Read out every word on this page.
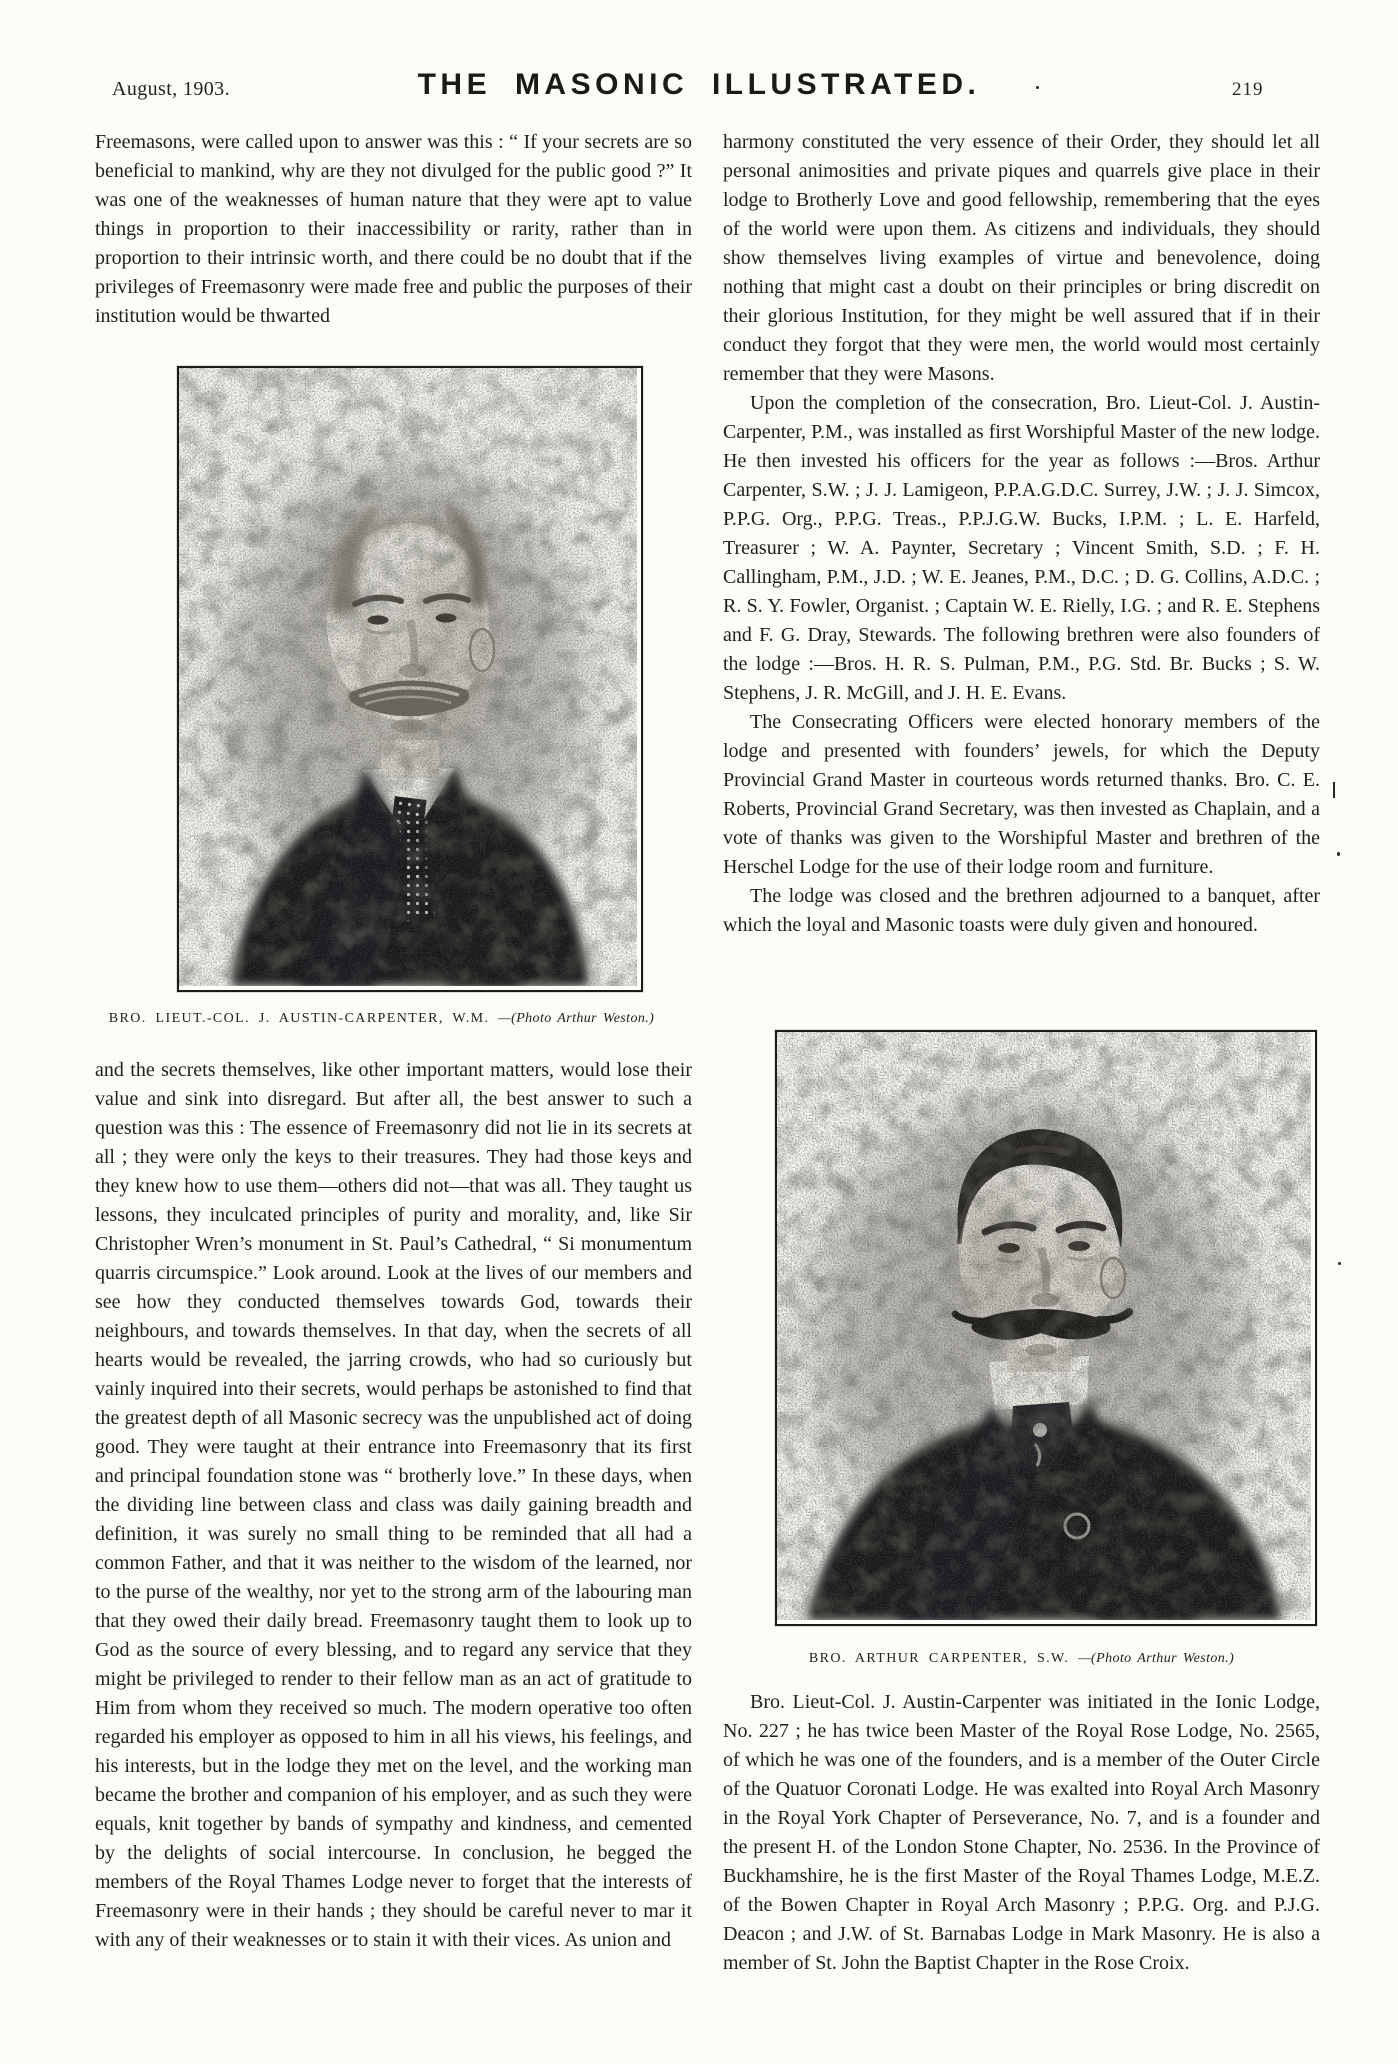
August, 1903.	THE MASONIC ILLUSTRATED.	219

Freemasons, were called upon to answer was this : “ If your secrets are so beneficial to mankind, why are they not divulged for the public good ?” It was one of the weaknesses of human nature that they were apt to value things in proportion to their inaccessibility or rarity, rather than in proportion to their intrinsic worth, and there could be no doubt that if the privileges of Freemasonry were made free and public the purposes of their institution would be thwarted

BRO. LIEUT.-COL. J. AUSTIN-CARPENTER, W.M. —(Photo Arthur Weston.)

and the secrets themselves, like other important matters, would lose their value and sink into disregard. But after all, the best answer to such a question was this : The essence of Freemasonry did not lie in its secrets at all ; they were only the keys to their treasures. They had those keys and they knew how to use them—others did not—that was all. They taught us lessons, they inculcated principles of purity and morality, and, like Sir Christopher Wren’s monument in St. Paul’s Cathedral, “ Si monumentum quarris circumspice.” Look around. Look at the lives of our members and see how they conducted themselves towards God, towards their neighbours, and towards themselves. In that day, when the secrets of all hearts would be revealed, the jarring crowds, who had so curiously but vainly inquired into their secrets, would perhaps be astonished to find that the greatest depth of all Masonic secrecy was the unpublished act of doing good. They were taught at their entrance into Freemasonry that its first and principal foundation stone was “ brotherly love.” In these days, when the dividing line between class and class was daily gaining breadth and definition, it was surely no small thing to be reminded that all had a common Father, and that it was neither to the wisdom of the learned, nor to the purse of the wealthy, nor yet to the strong arm of the labouring man that they owed their daily bread. Freemasonry taught them to look up to God as the source of every blessing, and to regard any service that they might be privileged to render to their fellow man as an act of gratitude to Him from whom they received so much. The modern operative too often regarded his employer as opposed to him in all his views, his feelings, and his interests, but in the lodge they met on the level, and the working man became the brother and companion of his employer, and as such they were equals, knit together by bands of sympathy and kindness, and cemented by the delights of social intercourse. In conclusion, he begged the members of the Royal Thames Lodge never to forget that the interests of Freemasonry were in their hands ; they should be careful never to mar it with any of their weaknesses or to stain it with their vices. As union and

harmony constituted the very essence of their Order, they should let all personal animosities and private piques and quarrels give place in their lodge to Brotherly Love and good fellowship, remembering that the eyes of the world were upon them. As citizens and individuals, they should show themselves living examples of virtue and benevolence, doing nothing that might cast a doubt on their principles or bring discredit on their glorious Institution, for they might be well assured that if in their conduct they forgot that they were men, the world would most certainly remember that they were Masons.

Upon the completion of the consecration, Bro. Lieut-Col. J. Austin-Carpenter, P.M., was installed as first Worshipful Master of the new lodge. He then invested his officers for the year as follows :—Bros. Arthur Carpenter, S.W. ; J. J. Lamigeon, P.P.A.G.D.C. Surrey, J.W. ; J. J. Simcox, P.P.G. Org., P.P.G. Treas., P.P.J.G.W. Bucks, I.P.M. ; L. E. Harfeld, Treasurer ; W. A. Paynter, Secretary ; Vincent Smith, S.D. ; F. H. Callingham, P.M., J.D. ; W. E. Jeanes, P.M., D.C. ; D. G. Collins, A.D.C. ; R. S. Y. Fowler, Organist. ; Captain W. E. Rielly, I.G. ; and R. E. Stephens and F. G. Dray, Stewards. The following brethren were also founders of the lodge :—Bros. H. R. S. Pulman, P.M., P.G. Std. Br. Bucks ; S. W. Stephens, J. R. McGill, and J. H. E. Evans.

The Consecrating Officers were elected honorary members of the lodge and presented with founders’ jewels, for which the Deputy Provincial Grand Master in courteous words returned thanks. Bro. C. E. Roberts, Provincial Grand Secretary, was then invested as Chaplain, and a vote of thanks was given to the Worshipful Master and brethren of the Herschel Lodge for the use of their lodge room and furniture.

The lodge was closed and the brethren adjourned to a banquet, after which the loyal and Masonic toasts were duly given and honoured.

BRO. ARTHUR CARPENTER, S.W. —(Photo Arthur Weston.)

Bro. Lieut-Col. J. Austin-Carpenter was initiated in the Ionic Lodge, No. 227 ; he has twice been Master of the Royal Rose Lodge, No. 2565, of which he was one of the founders, and is a member of the Outer Circle of the Quatuor Coronati Lodge. He was exalted into Royal Arch Masonry in the Royal York Chapter of Perseverance, No. 7, and is a founder and the present H. of the London Stone Chapter, No. 2536. In the Province of Buckhamshire, he is the first Master of the Royal Thames Lodge, M.E.Z. of the Bowen Chapter in Royal Arch Masonry ; P.P.G. Org. and P.J.G. Deacon ; and J.W. of St. Barnabas Lodge in Mark Masonry. He is also a member of St. John the Baptist Chapter in the Rose Croix.
